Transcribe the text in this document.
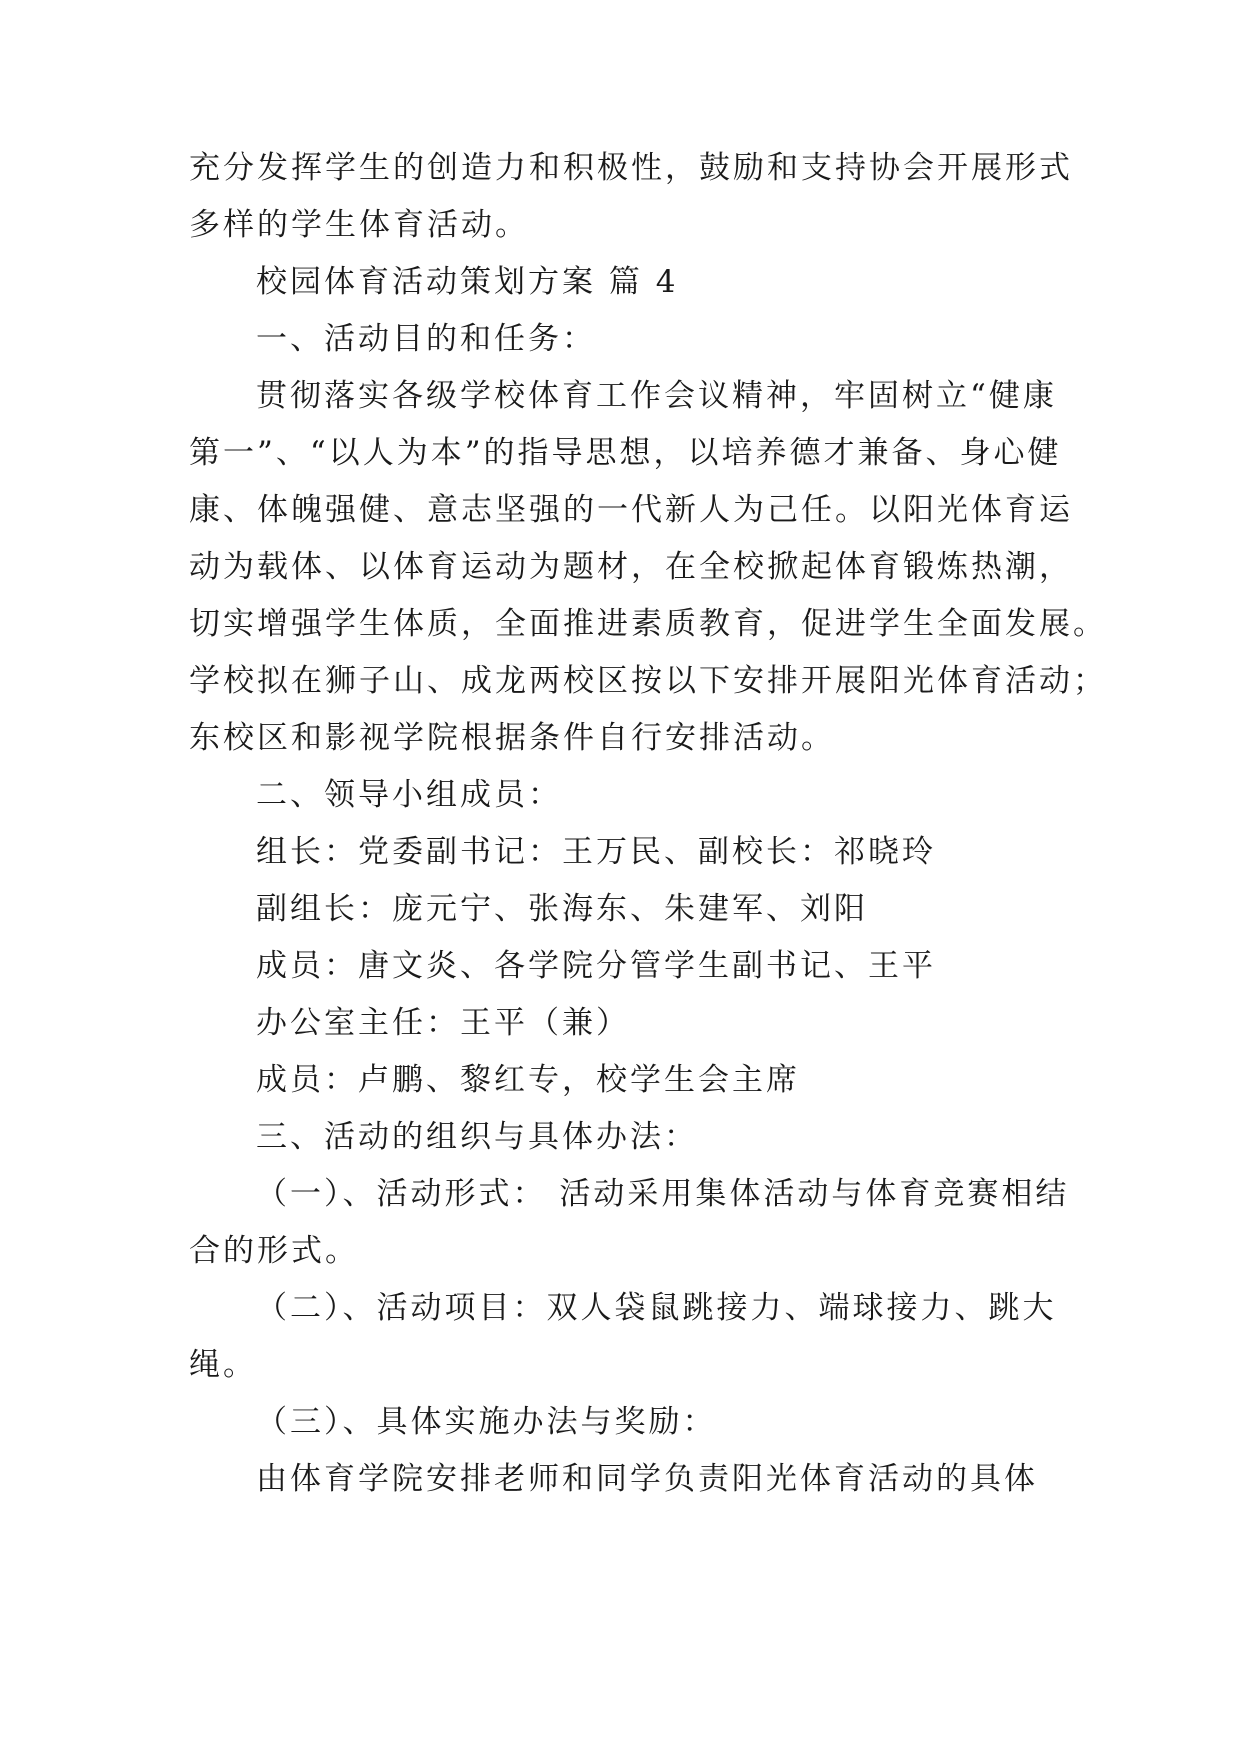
充分发挥学生的创造力和积极性，鼓励和支持协会开展形式
多样的学生体育活动。
校园体育活动策划方案 篇 4
一、活动目的和任务：
贯彻落实各级学校体育工作会议精神，牢固树立“健康
第一”、“以人为本”的指导思想，以培养德才兼备、身心健
康、体魄强健、意志坚强的一代新人为己任。以阳光体育运
动为载体、以体育运动为题材，在全校掀起体育锻炼热潮，
切实增强学生体质，全面推进素质教育，促进学生全面发展。
学校拟在狮子山、成龙两校区按以下安排开展阳光体育活动；
东校区和影视学院根据条件自行安排活动。
二、领导小组成员：
组长：党委副书记：王万民、副校长：祁晓玲
副组长：庞元宁、张海东、朱建军、刘阳
成员：唐文炎、各学院分管学生副书记、王平
办公室主任：王平（兼）
成员：卢鹏、黎红专，校学生会主席
三、活动的组织与具体办法：
（一）、活动形式： 活动采用集体活动与体育竞赛相结
合的形式。
（二）、活动项目：双人袋鼠跳接力、端球接力、跳大
绳。
（三）、具体实施办法与奖励：
由体育学院安排老师和同学负责阳光体育活动的具体
